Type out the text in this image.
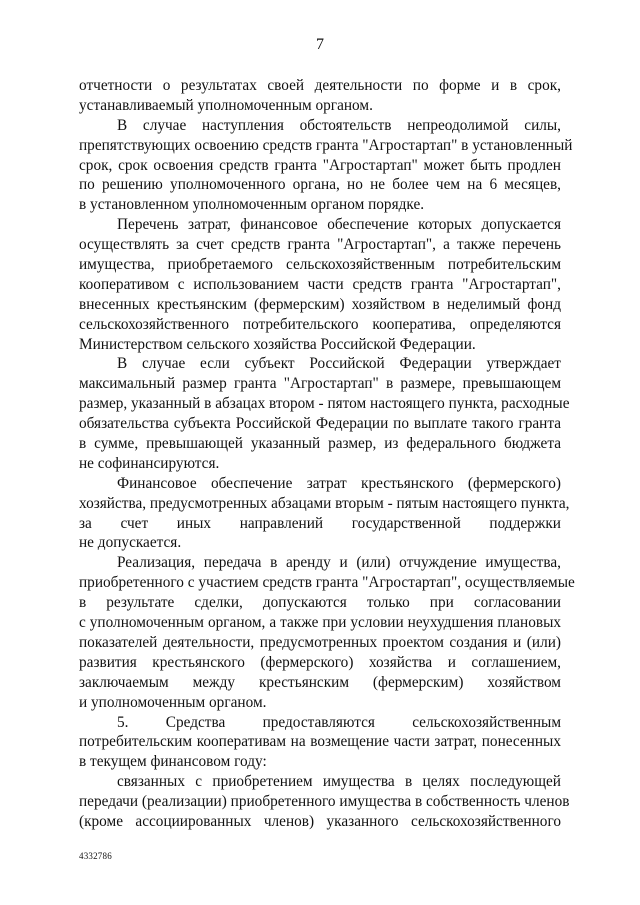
7
отчетности о результатах своей деятельности по форме и в срок,
устанавливаемый уполномоченным органом.
В случае наступления обстоятельств непреодолимой силы,
препятствующих освоению средств гранта "Агростартап" в установленный
срок, срок освоения средств гранта "Агростартап" может быть продлен
по решению уполномоченного органа, но не более чем на 6 месяцев,
в установленном уполномоченным органом порядке.
Перечень затрат, финансовое обеспечение которых допускается
осуществлять за счет средств гранта "Агростартап", а также перечень
имущества, приобретаемого сельскохозяйственным потребительским
кооперативом с использованием части средств гранта "Агростартап",
внесенных крестьянским (фермерским) хозяйством в неделимый фонд
сельскохозяйственного потребительского кооператива, определяются
Министерством сельского хозяйства Российской Федерации.
В случае если субъект Российской Федерации утверждает
максимальный размер гранта "Агростартап" в размере, превышающем
размер, указанный в абзацах втором - пятом настоящего пункта, расходные
обязательства субъекта Российской Федерации по выплате такого гранта
в сумме, превышающей указанный размер, из федерального бюджета
не софинансируются.
Финансовое обеспечение затрат крестьянского (фермерского)
хозяйства, предусмотренных абзацами вторым - пятым настоящего пункта,
за счет иных направлений государственной поддержки
не допускается.
Реализация, передача в аренду и (или) отчуждение имущества,
приобретенного с участием средств гранта "Агростартап", осуществляемые
в результате сделки, допускаются только при согласовании
с уполномоченным органом, а также при условии неухудшения плановых
показателей деятельности, предусмотренных проектом создания и (или)
развития крестьянского (фермерского) хозяйства и соглашением,
заключаемым между крестьянским (фермерским) хозяйством
и уполномоченным органом.
5. Средства предоставляются сельскохозяйственным
потребительским кооперативам на возмещение части затрат, понесенных
в текущем финансовом году:
связанных с приобретением имущества в целях последующей
передачи (реализации) приобретенного имущества в собственность членов
(кроме ассоциированных членов) указанного сельскохозяйственного
4332786
